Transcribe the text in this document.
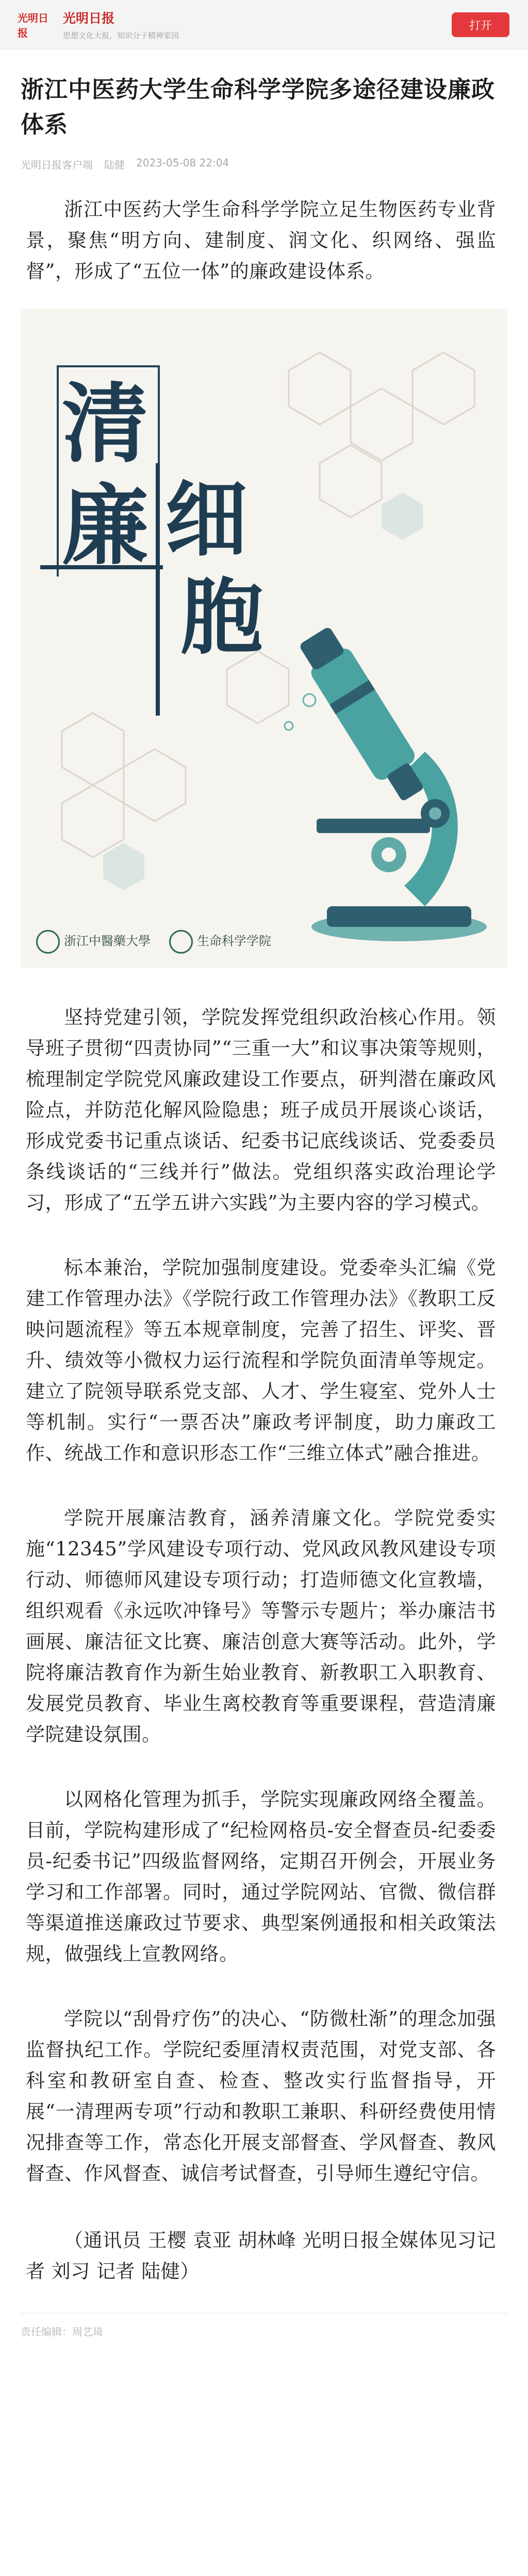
光明日报
光明日报
思想文化大报，知识分子精神家园
打开
浙江中医药大学生命科学学院多途径建设廉政体系
光明日报客户端 陆健 2023-05-08 22:04

浙江中医药大学生命科学学院立足生物医药专业背景，聚焦“明方向、建制度、润文化、织网络、强监督”，形成了“五位一体”的廉政建设体系。

清
廉 细
胞
浙江中醫藥大學	生命科学学院

坚持党建引领，学院发挥党组织政治核心作用。领导班子贯彻“四责协同”“三重一大”和议事决策等规则，梳理制定学院党风廉政建设工作要点，研判潜在廉政风险点，并防范化解风险隐患；班子成员开展谈心谈话，形成党委书记重点谈话、纪委书记底线谈话、党委委员条线谈话的“三线并行”做法。党组织落实政治理论学习，形成了“五学五讲六实践”为主要内容的学习模式。

标本兼治，学院加强制度建设。党委牵头汇编《党建工作管理办法》《学院行政工作管理办法》《教职工反映问题流程》等五本规章制度，完善了招生、评奖、晋升、绩效等小微权力运行流程和学院负面清单等规定。建立了院领导联系党支部、人才、学生寝室、党外人士等机制。实行“一票否决”廉政考评制度，助力廉政工作、统战工作和意识形态工作“三维立体式”融合推进。

学院开展廉洁教育，涵养清廉文化。学院党委实施“12345”学风建设专项行动、党风政风教风建设专项行动、师德师风建设专项行动；打造师德文化宣教墙，组织观看《永远吹冲锋号》等警示专题片；举办廉洁书画展、廉洁征文比赛、廉洁创意大赛等活动。此外，学院将廉洁教育作为新生始业教育、新教职工入职教育、发展党员教育、毕业生离校教育等重要课程，营造清廉学院建设氛围。

以网格化管理为抓手，学院实现廉政网络全覆盖。目前，学院构建形成了“纪检网格员-安全督查员-纪委委员-纪委书记”四级监督网络，定期召开例会，开展业务学习和工作部署。同时，通过学院网站、官微、微信群等渠道推送廉政过节要求、典型案例通报和相关政策法规，做强线上宣教网络。

学院以“刮骨疗伤”的决心、“防微杜渐”的理念加强监督执纪工作。学院纪委厘清权责范围，对党支部、各科室和教研室自查、检查、整改实行监督指导，开展“一清理两专项”行动和教职工兼职、科研经费使用情况排查等工作，常态化开展支部督查、学风督查、教风督查、作风督查、诚信考试督查，引导师生遵纪守信。

（通讯员 王樱 袁亚 胡林峰 光明日报全媒体见习记者 刘习 记者 陆健）

责任编辑：周艺琦
